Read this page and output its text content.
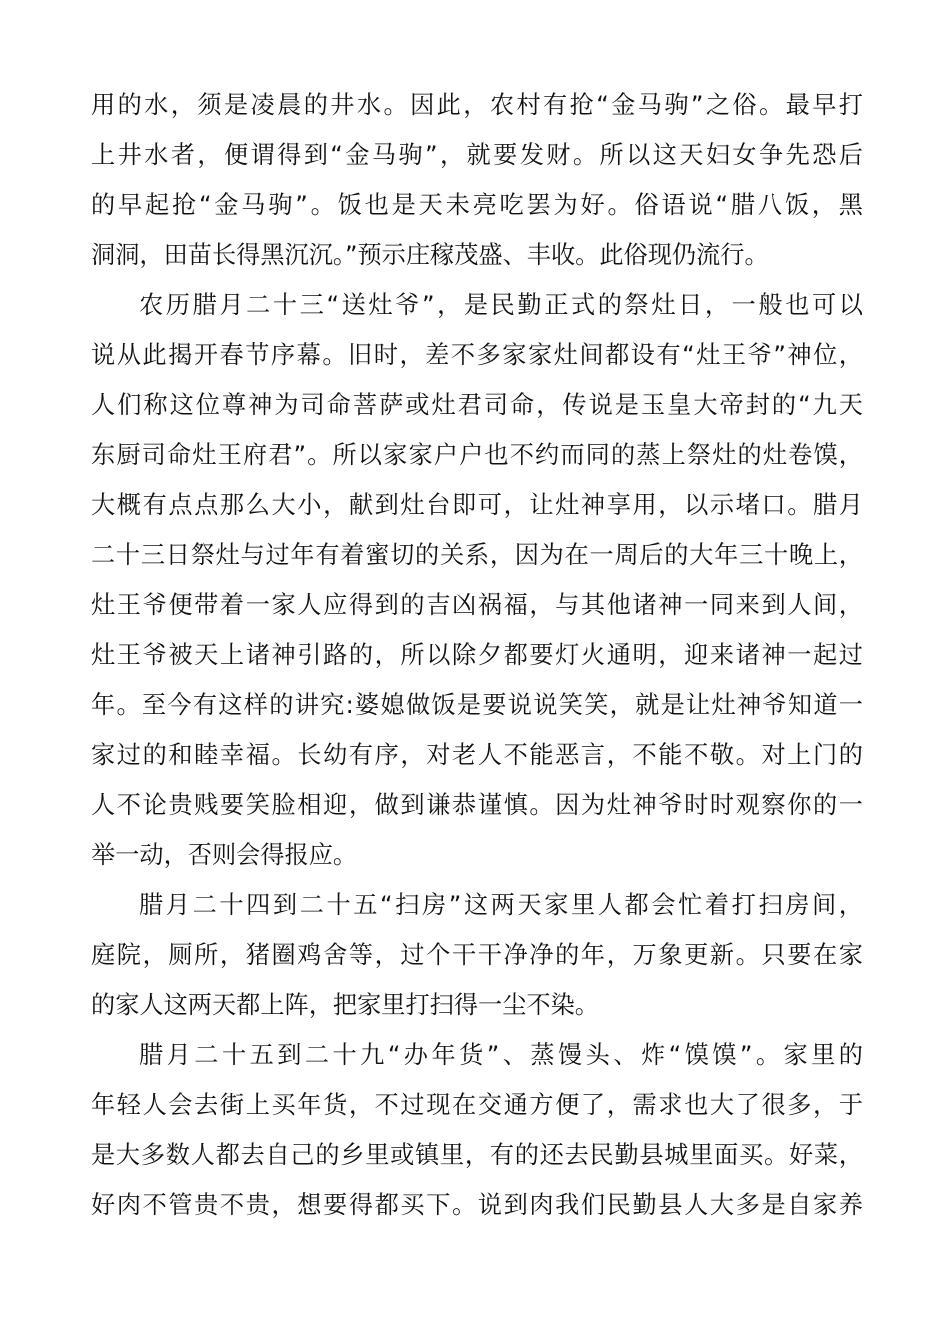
用的水，须是凌晨的井水。因此，农村有抢“金马驹”之俗。最早打
上井水者，便谓得到“金马驹”，就要发财。所以这天妇女争先恐后
的早起抢“金马驹”。饭也是天未亮吃罢为好。俗语说“腊八饭，黑
洞洞，田苗长得黑沉沉。”预示庄稼茂盛、丰收。此俗现仍流行。
农历腊月二十三“送灶爷”，是民勤正式的祭灶日，一般也可以
说从此揭开春节序幕。旧时，差不多家家灶间都设有“灶王爷”神位，
人们称这位尊神为司命菩萨或灶君司命，传说是玉皇大帝封的“九天
东厨司命灶王府君”。所以家家户户也不约而同的蒸上祭灶的灶卷馍，
大概有点点那么大小，献到灶台即可，让灶神享用，以示堵口。腊月
二十三日祭灶与过年有着蜜切的关系，因为在一周后的大年三十晚上，
灶王爷便带着一家人应得到的吉凶祸福，与其他诸神一同来到人间，
灶王爷被天上诸神引路的，所以除夕都要灯火通明，迎来诸神一起过
年。至今有这样的讲究:婆媳做饭是要说说笑笑，就是让灶神爷知道一
家过的和睦幸福。长幼有序，对老人不能恶言，不能不敬。对上门的
人不论贵贱要笑脸相迎，做到谦恭谨慎。因为灶神爷时时观察你的一
举一动，否则会得报应。
腊月二十四到二十五“扫房”这两天家里人都会忙着打扫房间，
庭院，厕所，猪圈鸡舍等，过个干干净净的年，万象更新。只要在家
的家人这两天都上阵，把家里打扫得一尘不染。
腊月二十五到二十九“办年货”、蒸馒头、炸“馍馍”。家里的
年轻人会去街上买年货，不过现在交通方便了，需求也大了很多，于
是大多数人都去自己的乡里或镇里，有的还去民勤县城里面买。好菜，
好肉不管贵不贵，想要得都买下。说到肉我们民勤县人大多是自家养
